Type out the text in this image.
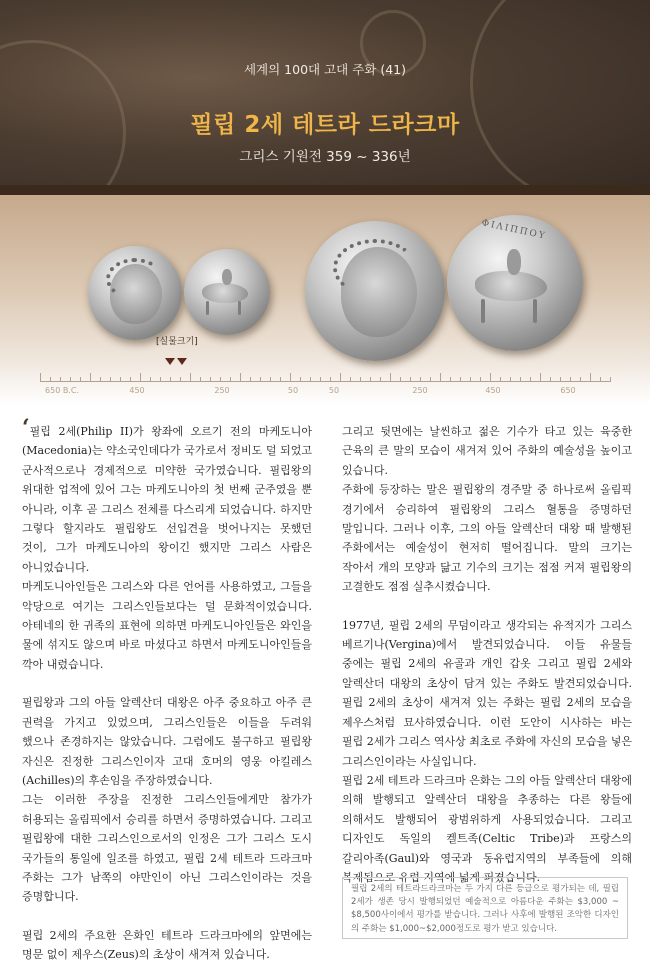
세계의 100대 고대 주화 (41)
필립 2세 테트라 드라크마
그리스 기원전 359 ~ 336년
ΦΙΛΙΠΠΟΥ
[실물크기]
650 B.C.	450	250	50	50	250	450	650

‘필립 2세(Philip II)가 왕좌에 오르기 전의 마케도니아(Macedonia)는 약소국인데다가 국가로서 정비도 덜 되었고 군사적으로나 경제적으로 미약한 국가였습니다. 필립왕의 위대한 업적에 있어 그는 마케도니아의 첫 번째 군주였을 뿐 아니라, 이후 곧 그리스 전체를 다스리게 되었습니다. 하지만 그렇다 할지라도 필립왕도 선입견을 벗어나지는 못했던 것이, 그가 마케도니아의 왕이긴 했지만 그리스 사람은 아니었습니다.

마케도니아인들은 그리스와 다른 언어를 사용하였고, 그들을 악당으로 여기는 그리스인들보다는 덜 문화적이었습니다. 아테네의 한 귀족의 표현에 의하면 마케도니아인들은 와인을 물에 섞지도 않으며 바로 마셨다고 하면서 마케도니아인들을 깍아 내렸습니다.

필립왕과 그의 아들 알렉산더 대왕은 아주 중요하고 아주 큰 권력을 가지고 있었으며, 그리스인들은 이들을 두려워 했으나 존경하지는 않았습니다. 그럼에도 불구하고 필립왕 자신은 진정한 그리스인이자 고대 호머의 영웅 아킬레스(Achilles)의 후손임을 주장하였습니다.

그는 이러한 주장을 진정한 그리스인들에게만 참가가 허용되는 올림픽에서 승리를 하면서 증명하였습니다. 그리고 필립왕에 대한 그리스인으로서의 인정은 그가 그리스 도시 국가들의 통일에 일조를 하였고, 필립 2세 테트라 드라크마 주화는 그가 남쪽의 야만인이 아닌 그리스인이라는 것을 증명합니다.

필립 2세의 주요한 은화인 테트라 드라크마에의 앞면에는 명문 없이 제우스(Zeus)의 초상이 새겨져 있습니다.

그리고 뒷면에는 날씬하고 젊은 기수가 타고 있는 육중한 근육의 큰 말의 모습이 새겨져 있어 주화의 예술성을 높이고 있습니다.

주화에 등장하는 말은 필립왕의 경주말 중 하나로써 올림픽 경기에서 승리하여 필립왕의 그리스 혈통을 증명하던 말입니다. 그러나 이후, 그의 아들 알렉산더 대왕 때 발행된 주화에서는 예술성이 현저히 떨어집니다. 말의 크기는 작아서 개의 모양과 닮고 기수의 크기는 점점 커져 필립왕의 고결한도 점점 실추시켰습니다.

1977년, 필립 2세의 무덤이라고 생각되는 유적지가 그리스 베르기나(Vergina)에서 발견되었습니다. 이들 유물들 중에는 필립 2세의 유골과 개인 갑옷 그리고 필립 2세와 알렉산더 대왕의 초상이 담겨 있는 주화도 발견되었습니다. 필립 2세의 초상이 새겨져 있는 주화는 필립 2세의 모습을 제우스처럼 묘사하였습니다. 이런 도안이 시사하는 바는 필립 2세가 그리스 역사상 최초로 주화에 자신의 모습을 넣은 그리스인이라는 사실입니다.

필립 2세 테트라 드라크마 은화는 그의 아들 알렉산더 대왕에 의해 발행되고 알렉산더 대왕을 추종하는 다른 왕들에 의해서도 발행되어 광범위하게 사용되었습니다. 그리고 디자인도 독일의 켈트족(Celtic Tribe)과 프랑스의 갈리아족(Gaul)와 영국과 동유럽지역의 부족들에 의해 복제됨으로 유럽 지역에 넓게 퍼졌습니다.

필립 2세의 테트라드라크마는 두 가지 다른 등급으로 평가되는 데, 필립 2세가 생존 당시 발행되었던 예술적으로 아름다운 주화는 $3,000 ~ $8,500사이에서 평가를 받습니다. 그러나 사후에 발행된 조악한 디자인의 주화는 $1,000~$2,000정도로 평가 받고 있습니다.
